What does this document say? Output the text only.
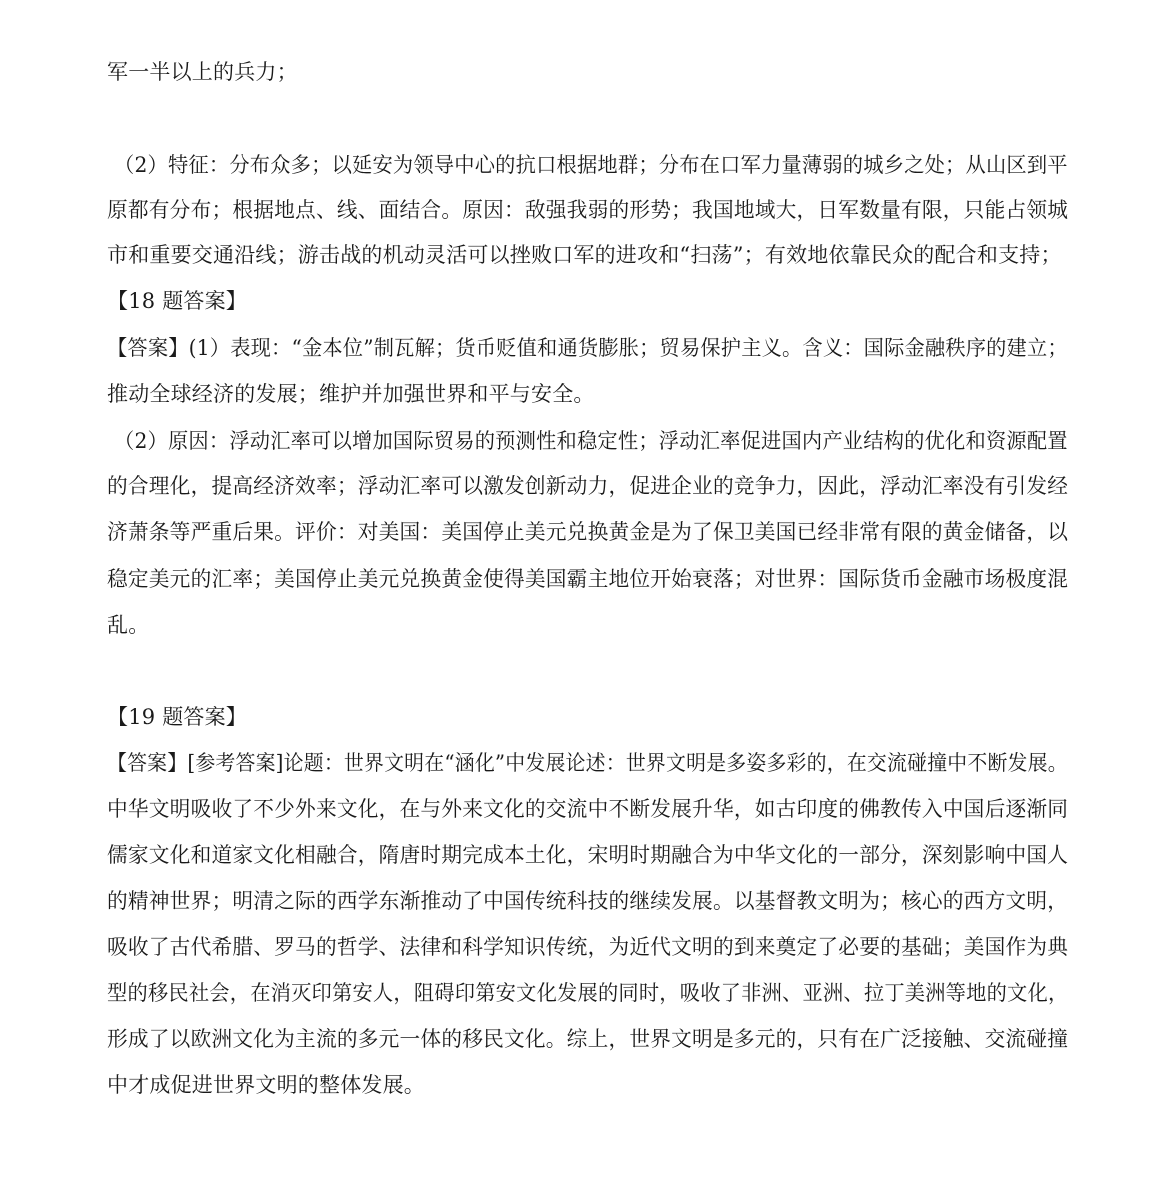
军一半以上的兵力；
（2）特征：分布众多；以延安为领导中心的抗口根据地群；分布在口军力量薄弱的城乡之处；从山区到平
原都有分布；根据地点、线、面结合。原因：敌强我弱的形势；我国地域大，日军数量有限，只能占领城
市和重要交通沿线；游击战的机动灵活可以挫败口军的进攻和“扫荡”；有效地依靠民众的配合和支持；
【18 题答案】
【答案】(1）表现：“金本位”制瓦解；货币贬值和通货膨胀；贸易保护主义。含义：国际金融秩序的建立；
推动全球经济的发展；维护并加强世界和平与安全。
（2）原因：浮动汇率可以增加国际贸易的预测性和稳定性；浮动汇率促进国内产业结构的优化和资源配置
的合理化，提高经济效率；浮动汇率可以激发创新动力，促进企业的竞争力，因此，浮动汇率没有引发经
济萧条等严重后果。评价：对美国：美国停止美元兑换黄金是为了保卫美国已经非常有限的黄金储备，以
稳定美元的汇率；美国停止美元兑换黄金使得美国霸主地位开始衰落；对世界：国际货币金融市场极度混
乱。
【19 题答案】
【答案】[参考答案]论题：世界文明在“涵化”中发展论述：世界文明是多姿多彩的，在交流碰撞中不断发展。
中华文明吸收了不少外来文化，在与外来文化的交流中不断发展升华，如古印度的佛教传入中国后逐渐同
儒家文化和道家文化相融合，隋唐时期完成本土化，宋明时期融合为中华文化的一部分，深刻影响中国人
的精神世界；明清之际的西学东渐推动了中国传统科技的继续发展。以基督教文明为；核心的西方文明，
吸收了古代希腊、罗马的哲学、法律和科学知识传统，为近代文明的到来奠定了必要的基础；美国作为典
型的移民社会，在消灭印第安人，阻碍印第安文化发展的同时，吸收了非洲、亚洲、拉丁美洲等地的文化，
形成了以欧洲文化为主流的多元一体的移民文化。综上，世界文明是多元的，只有在广泛接触、交流碰撞
中才成促进世界文明的整体发展。
